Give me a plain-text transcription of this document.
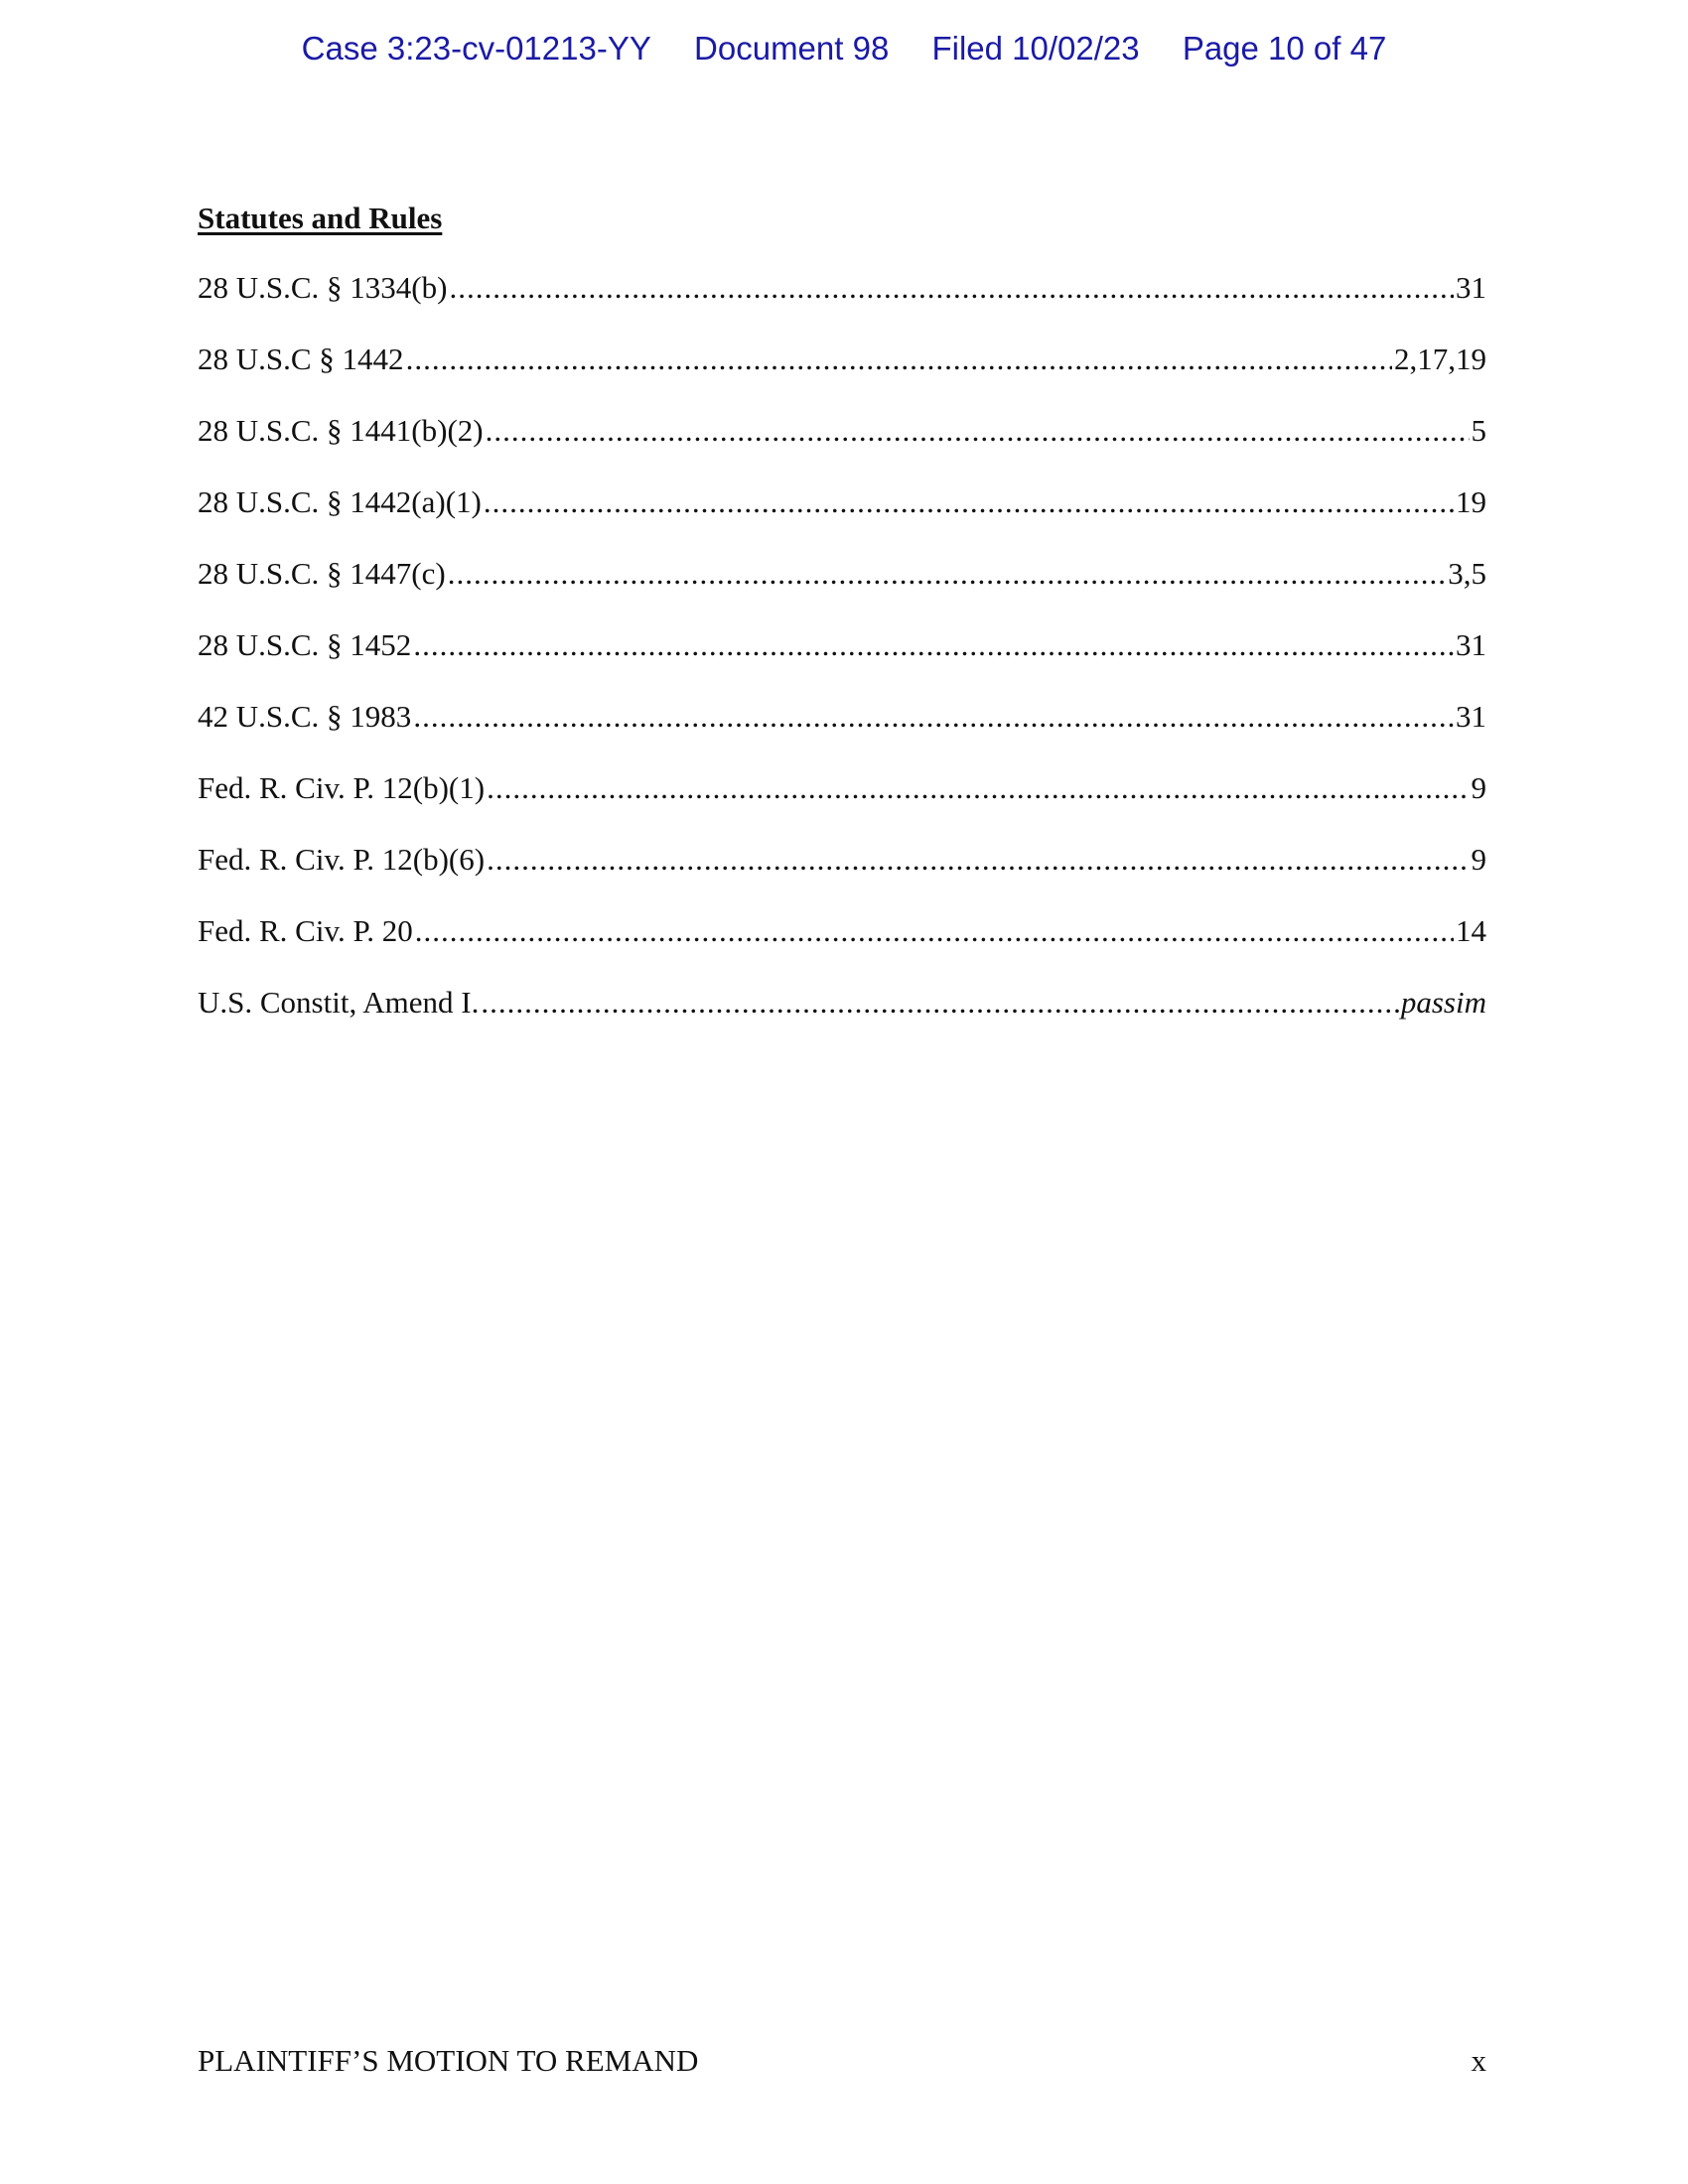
Case 3:23-cv-01213-YY Document 98 Filed 10/02/23 Page 10 of 47
Statutes and Rules
28 U.S.C. § 1334(b) .....	31
28 U.S.C § 1442 .....	2,17,19
28 U.S.C. § 1441(b)(2) .....	5
28 U.S.C. § 1442(a)(1) .....	19
28 U.S.C. § 1447(c) .....	3,5
28 U.S.C. § 1452 .....	31
42 U.S.C. § 1983 .....	31
Fed. R. Civ. P. 12(b)(1) .....	9
Fed. R. Civ. P. 12(b)(6) .....	9
Fed. R. Civ. P. 20 .....	14
U.S. Constit, Amend I. .....	passim
PLAINTIFF’S MOTION TO REMAND	x
